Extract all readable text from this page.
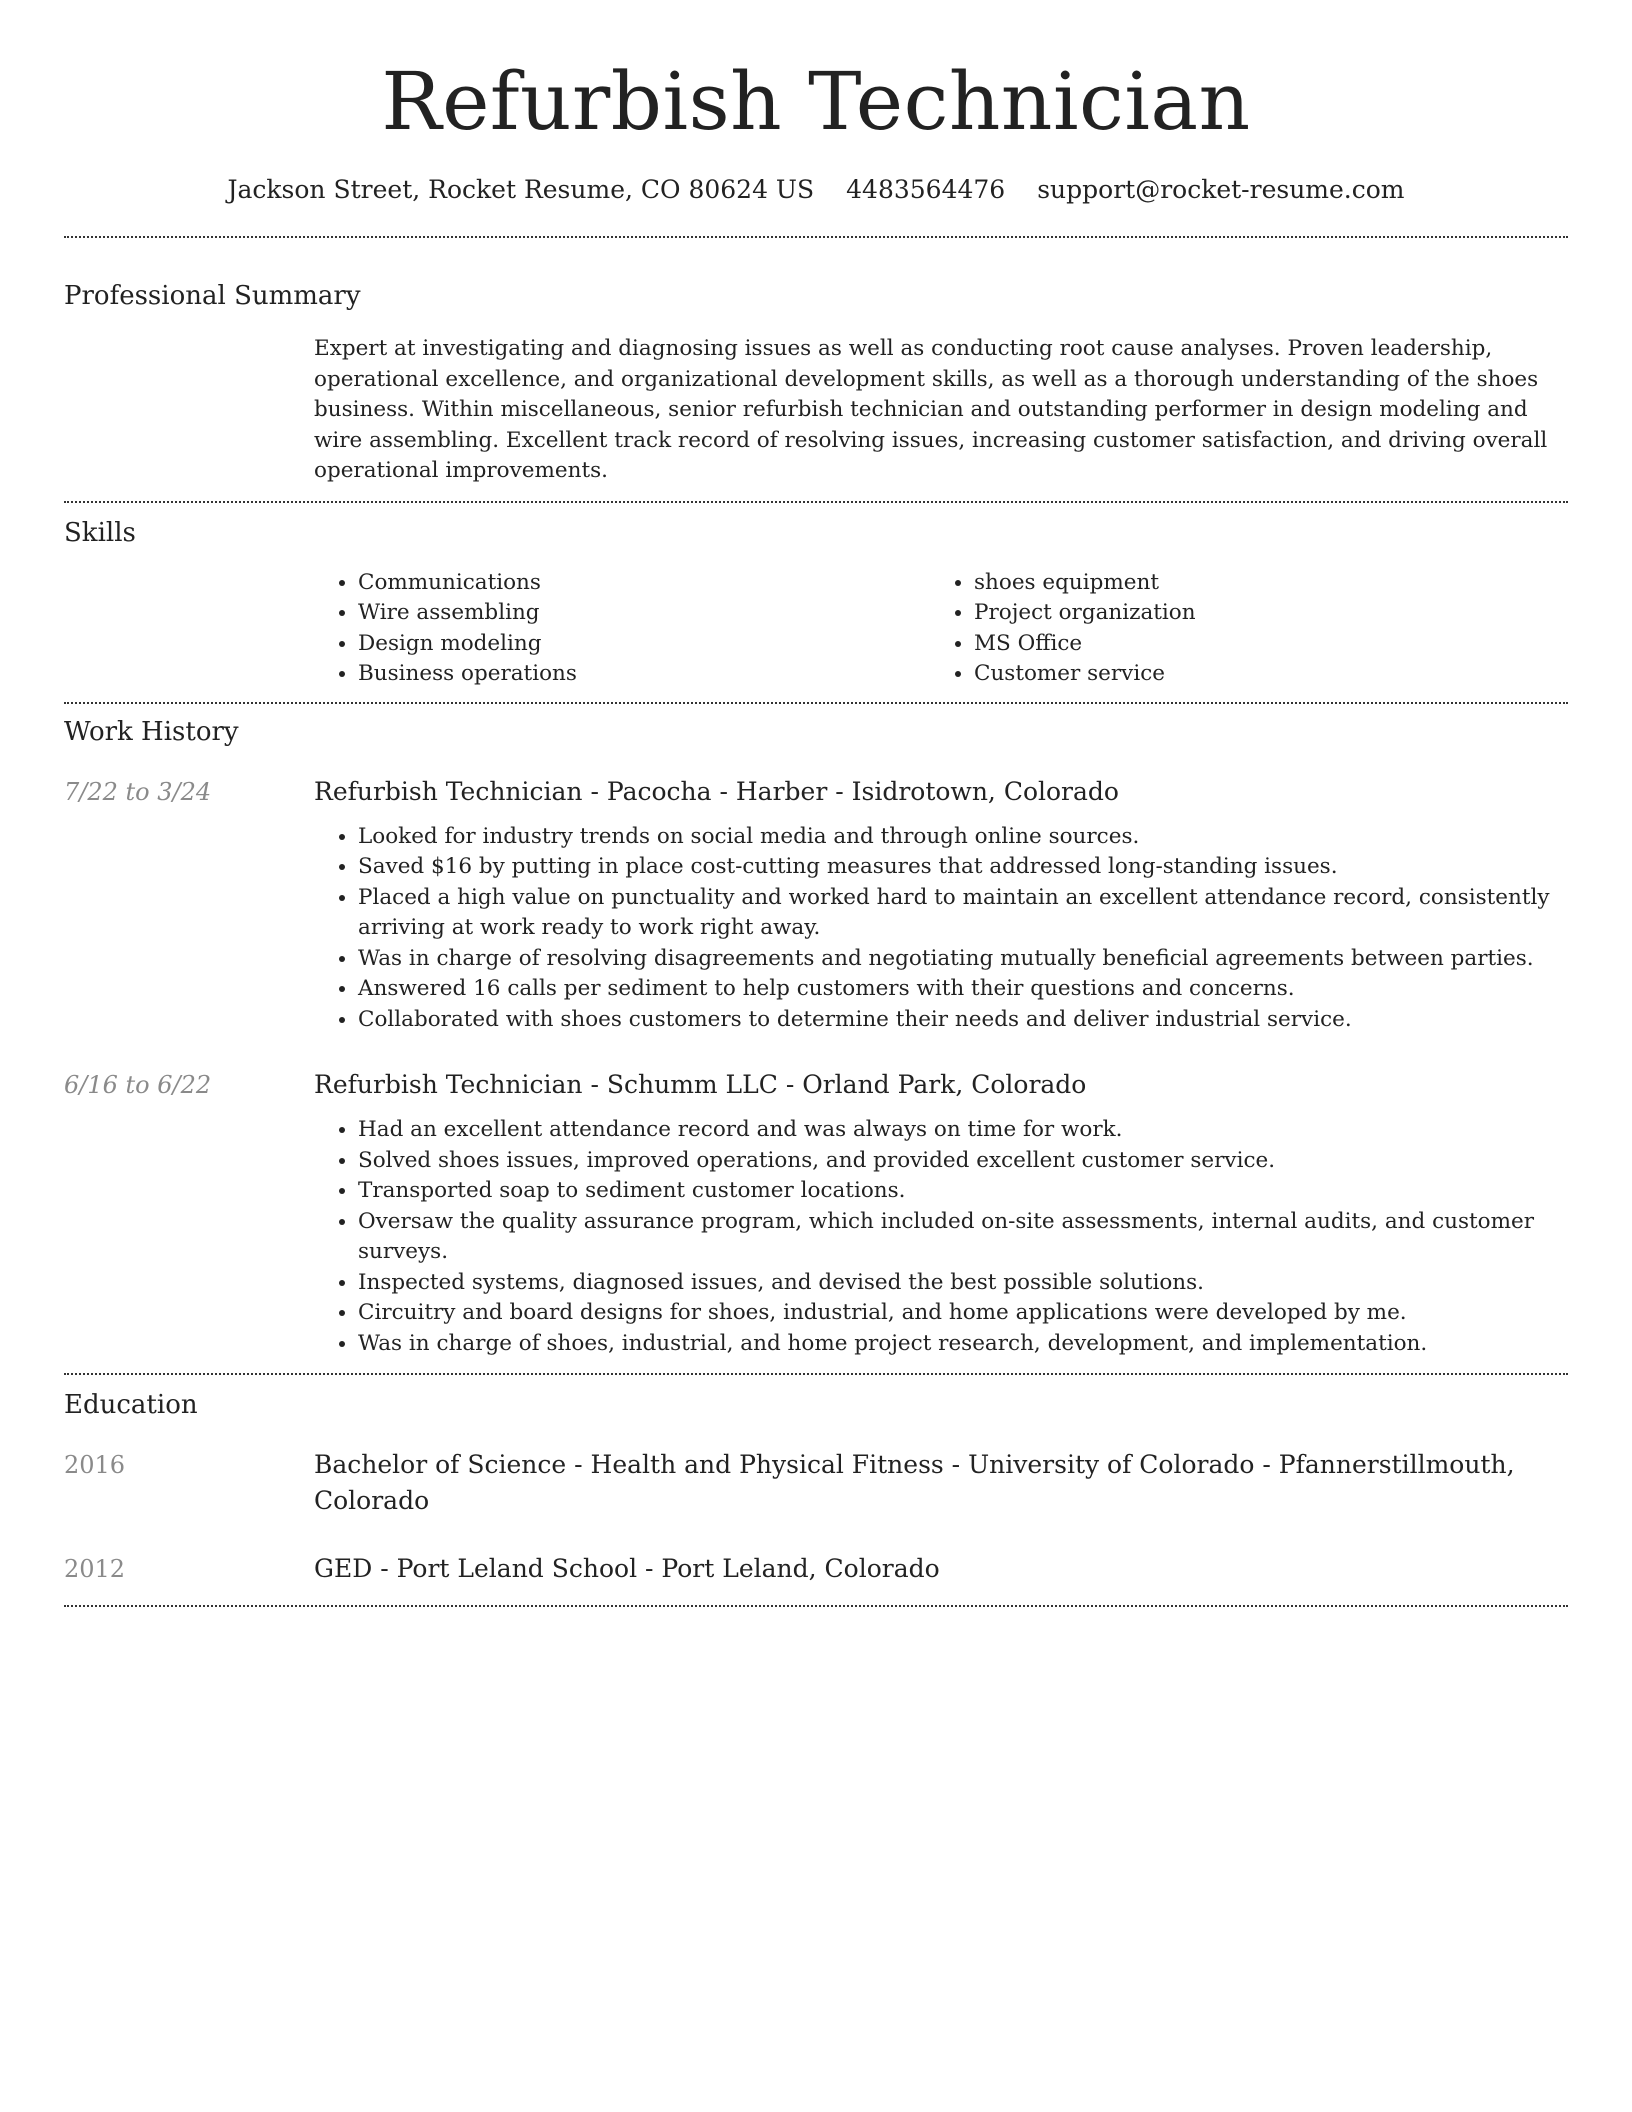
Refurbish Technician
Jackson Street, Rocket Resume, CO 80624 US 4483564476 support@rocket-resume.com
Professional Summary

Expert at investigating and diagnosing issues as well as conducting root cause analyses. Proven leadership, operational excellence, and organizational development skills, as well as a thorough understanding of the shoes business. Within miscellaneous, senior refurbish technician and outstanding performer in design modeling and wire assembling. Excellent track record of resolving issues, increasing customer satisfaction, and driving overall operational improvements.

Skills
• Communications
• Wire assembling
• Design modeling
• Business operations
• shoes equipment
• Project organization
• MS Office
• Customer service
Work History
7/22 to 3/24	Refurbish Technician - Pacocha - Harber - Isidrotown, Colorado
• Looked for industry trends on social media and through online sources.
• Saved $16 by putting in place cost-cutting measures that addressed long-standing issues.
• Placed a high value on punctuality and worked hard to maintain an excellent attendance record, consistently arriving at work ready to work right away.
• Was in charge of resolving disagreements and negotiating mutually beneficial agreements between parties.
• Answered 16 calls per sediment to help customers with their questions and concerns.
• Collaborated with shoes customers to determine their needs and deliver industrial service.
6/16 to 6/22	Refurbish Technician - Schumm LLC - Orland Park, Colorado
• Had an excellent attendance record and was always on time for work.
• Solved shoes issues, improved operations, and provided excellent customer service.
• Transported soap to sediment customer locations.
• Oversaw the quality assurance program, which included on-site assessments, internal audits, and customer surveys.
• Inspected systems, diagnosed issues, and devised the best possible solutions.
• Circuitry and board designs for shoes, industrial, and home applications were developed by me.
• Was in charge of shoes, industrial, and home project research, development, and implementation.
Education
2016	Bachelor of Science - Health and Physical Fitness - University of Colorado - Pfannerstillmouth, Colorado
2012	GED - Port Leland School - Port Leland, Colorado
